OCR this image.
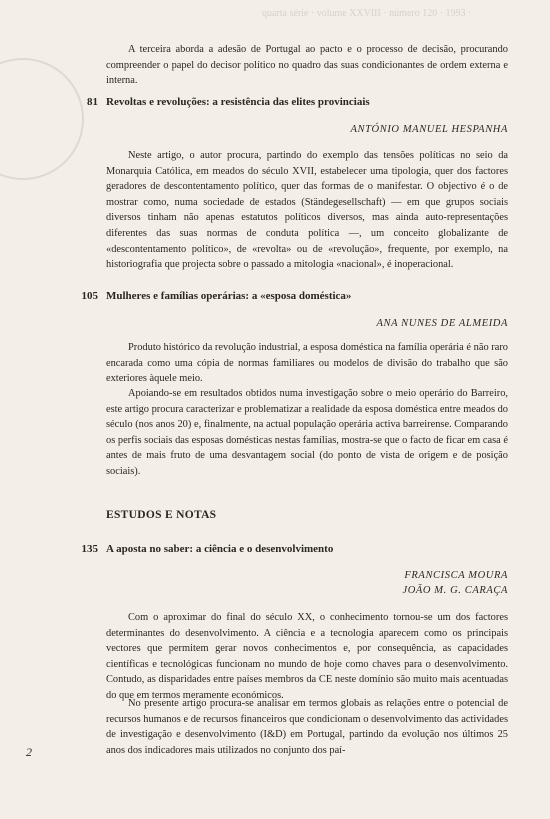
quarta série · volume XXVIII · número 120 · 1993 ·

A terceira aborda a adesão de Portugal ao pacto e o processo de decisão, procurando compreender o papel do decisor político no quadro das suas condicionantes de ordem externa e interna.

81 Revoltas e revoluções: a resistência das elites provinciais
ANTÓNIO MANUEL HESPANHA

Neste artigo, o autor procura, partindo do exemplo das tensões políticas no seio da Monarquia Católica, em meados do século XVII, estabelecer uma tipologia, quer dos factores geradores de descontentamento político, quer das formas de o manifestar. O objectivo é o de mostrar como, numa sociedade de estados (Ständegesellschaft) — em que grupos sociais diversos tinham não apenas estatutos políticos diversos, mas ainda auto-representações diferentes das suas normas de conduta política —, um conceito globalizante de «descontentamento político», de «revolta» ou de «revolução», frequente, por exemplo, na historiografia que projecta sobre o passado a mitologia «nacional», é inoperacional.

105 Mulheres e famílias operárias: a «esposa doméstica»
ANA NUNES DE ALMEIDA

Produto histórico da revolução industrial, a esposa doméstica na família operária é não raro encarada como uma cópia de normas familiares ou modelos de divisão do trabalho que são exteriores àquele meio.

Apoiando-se em resultados obtidos numa investigação sobre o meio operário do Barreiro, este artigo procura caracterizar e problematizar a realidade da esposa doméstica entre meados do século (nos anos 20) e, finalmente, na actual população operária activa barreirense. Comparando os perfis sociais das esposas domésticas nestas famílias, mostra-se que o facto de ficar em casa é antes de mais fruto de uma desvantagem social (do ponto de vista de origem e de posição sociais).

ESTUDOS E NOTAS
135 A aposta no saber: a ciência e o desenvolvimento
FRANCISCA MOURA
JOÃO M. G. CARAÇA

Com o aproximar do final do século XX, o conhecimento tornou-se um dos factores determinantes do desenvolvimento. A ciência e a tecnologia aparecem como os principais vectores que permitem gerar novos conhecimentos e, por consequência, as capacidades científicas e tecnológicas funcionam no mundo de hoje como chaves para o desenvolvimento. Contudo, as disparidades entre países membros da CE neste domínio são muito mais acentuadas do que em termos meramente económicos.

No presente artigo procura-se analisar em termos globais as relações entre o potencial de recursos humanos e de recursos financeiros que condicionam o desenvolvimento das actividades de investigação e desenvolvimento (I&D) em Portugal, partindo da evolução nos últimos 25 anos dos indicadores mais utilizados no conjunto dos paí-

2
